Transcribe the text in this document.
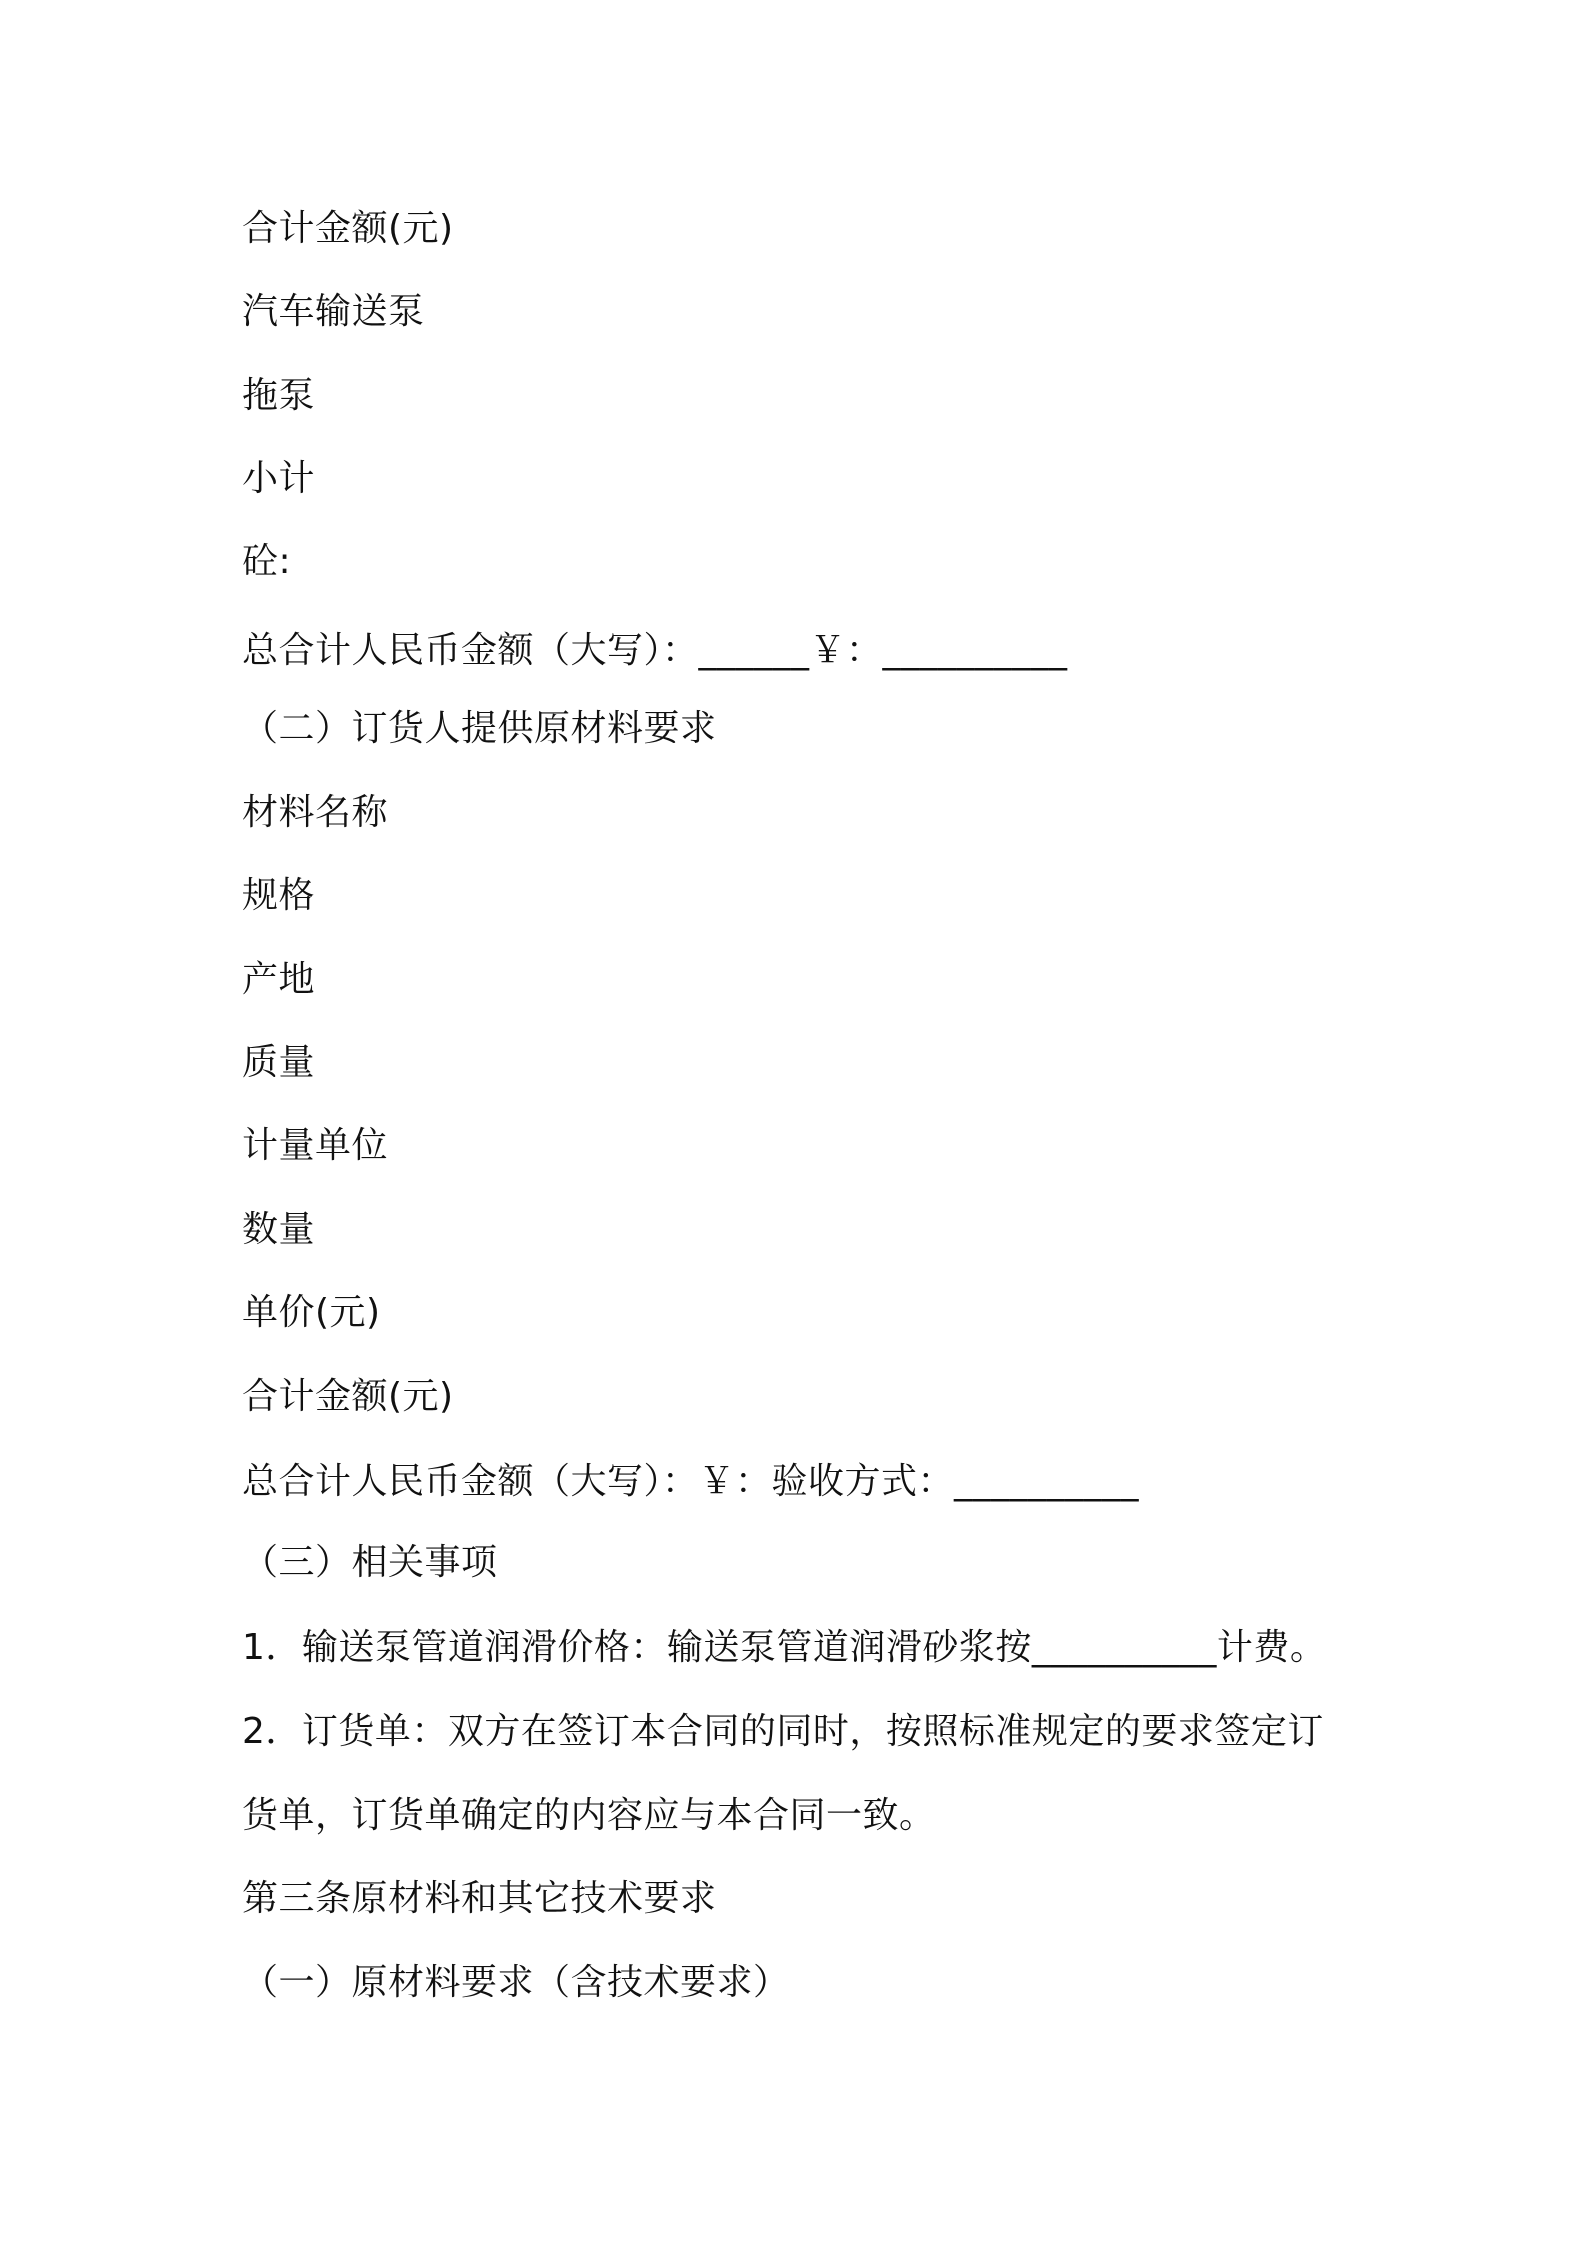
合计金额(元)
汽车输送泵
拖泵
小计
砼:
总合计人民币金额（大写）：______￥：__________
（二）订货人提供原材料要求
材料名称
规格
产地
质量
计量单位
数量
单价(元)
合计金额(元)
总合计人民币金额（大写）：￥：验收方式：__________
（三）相关事项
1．输送泵管道润滑价格：输送泵管道润滑砂浆按__________计费。
2．订货单：双方在签订本合同的同时，按照标准规定的要求签定订
货单，订货单确定的内容应与本合同一致。
第三条原材料和其它技术要求
（一）原材料要求（含技术要求）
